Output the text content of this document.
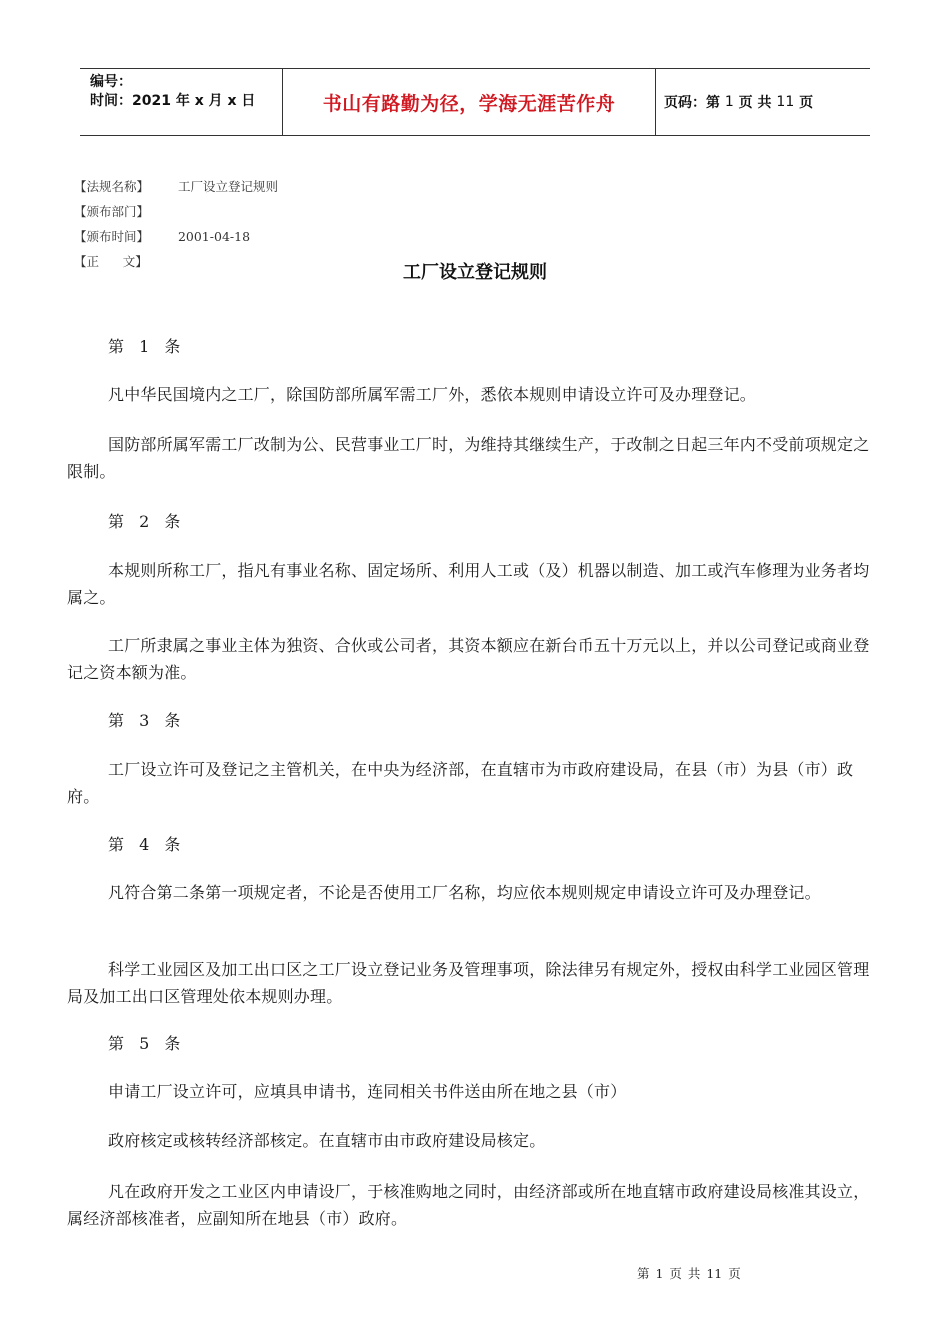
编号：
时间：2021 年 x 月 x 日	书山有路勤为径，学海无涯苦作舟	页码：第
1
页 共
11
页

【法规名称】 工厂设立登记规则

【颁布部门】

【颁布时间】 2001-04-18

【正      文】

工厂设立登记规则
第 1 条
凡中华民国境内之工厂，除国防部所属军需工厂外，悉依本规则申请设立许可及办理登记。
国防部所属军需工厂改制为公、民营事业工厂时，为维持其继续生产，于改制之日起三年内不受前项规定之限制。
第 2 条
本规则所称工厂，指凡有事业名称、固定场所、利用人工或（及）机器以制造、加工或汽车修理为业务者均属之。
工厂所隶属之事业主体为独资、合伙或公司者，其资本额应在新台币五十万元以上，并以公司登记或商业登记之资本额为准。
第 3 条
工厂设立许可及登记之主管机关，在中央为经济部，在直辖市为市政府建设局，在县（市）为县（市）政府。
第 4 条
凡符合第二条第一项规定者，不论是否使用工厂名称，均应依本规则规定申请设立许可及办理登记。
科学工业园区及加工出口区之工厂设立登记业务及管理事项，除法律另有规定外，授权由科学工业园区管理局及加工出口区管理处依本规则办理。
第 5 条
申请工厂设立许可，应填具申请书，连同相关书件送由所在地之县（市）
政府核定或核转经济部核定。在直辖市由市政府建设局核定。
凡在政府开发之工业区内申请设厂，于核准购地之同时，由经济部或所在地直辖市政府建设局核准其设立，属经济部核准者，应副知所在地县（市）政府。
第 1 页 共 11 页
